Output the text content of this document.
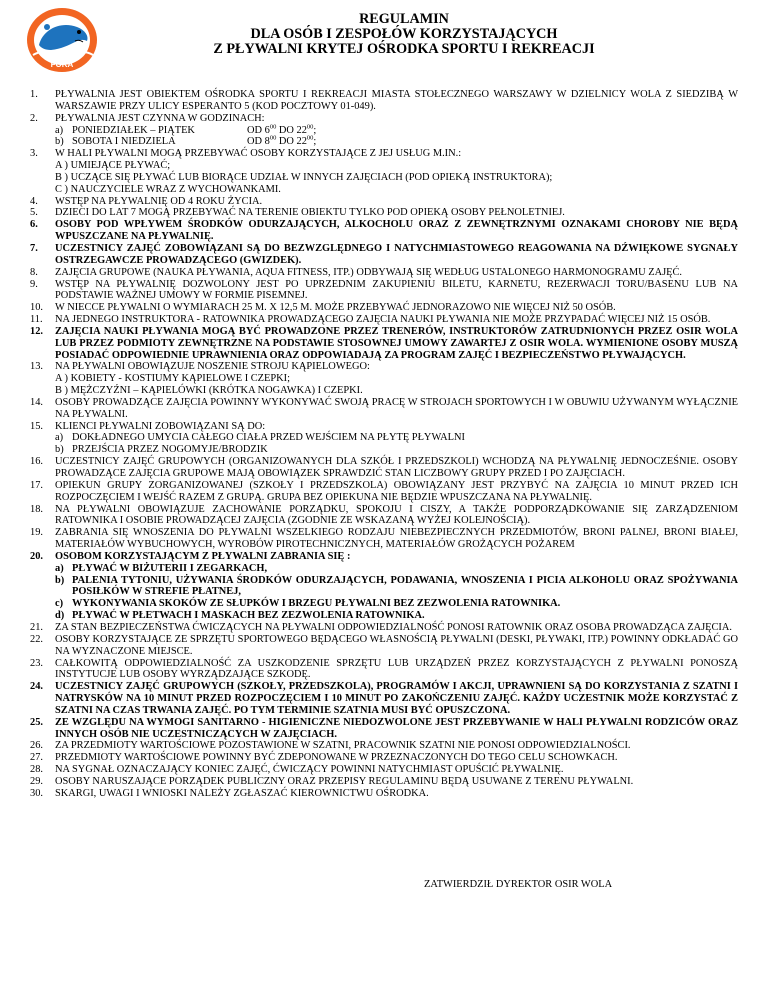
FOKA
REGULAMIN
DLA OSÓB I ZESPOŁÓW KORZYSTAJĄCYCH
Z PŁYWALNI KRYTEJ OŚRODKA SPORTU I REKREACJI
1.	PŁYWALNIA JEST OBIEKTEM OŚRODKA SPORTU I REKREACJI MIASTA STOŁECZNEGO WARSZAWY W DZIELNICY WOLA Z SIEDZIBĄ W WARSZAWIE PRZY ULICY ESPERANTO 5 (KOD POCZTOWY 01-049).
2.	PŁYWALNIA JEST CZYNNA W GODZINACH:
a) PONIEDZIAŁEK – PIĄTEK	OD $6^{00}$ DO $22^{00}$;
b) SOBOTA I NIEDZIELA	OD $8^{00}$ DO $22^{00}$;
3.	W HALI PŁYWALNI MOGĄ PRZEBYWAĆ OSOBY KORZYSTAJĄCE Z JEJ USŁUG M.IN.:
A ) UMIEJĄCE PŁYWAĆ;
B ) UCZĄCE SIĘ PŁYWAĆ LUB BIORĄCE UDZIAŁ W INNYCH ZAJĘCIACH (POD OPIEKĄ INSTRUKTORA);
C ) NAUCZYCIELE WRAZ Z WYCHOWANKAMI.
4.	WSTĘP NA PŁYWALNIĘ OD 4 ROKU ŻYCIA.
5.	DZIECI DO LAT 7 MOGĄ PRZEBYWAĆ NA TERENIE OBIEKTU TYLKO POD OPIEKĄ OSOBY PEŁNOLETNIEJ.
6.	OSOBY POD WPŁYWEM ŚRODKÓW ODURZAJĄCYCH, ALKOCHOLU ORAZ Z ZEWNĘTRZNYMI OZNAKAMI CHOROBY NIE BĘDĄ WPUSZCZANE NA PŁYWALNIĘ.
7.	UCZESTNICY ZAJĘĆ ZOBOWIĄZANI SĄ DO BEZWZGLĘDNEGO I NATYCHMIASTOWEGO REAGOWANIA NA DŹWIĘKOWE SYGNAŁY OSTRZEGAWCZE PROWADZĄCEGO (GWIZDEK).
8.	ZAJĘCIA GRUPOWE (NAUKA PŁYWANIA, AQUA FITNESS, ITP.) ODBYWAJĄ SIĘ WEDŁUG USTALONEGO HARMONOGRAMU ZAJĘĆ.
9.	WSTĘP NA PŁYWALNIĘ DOZWOLONY JEST PO UPRZEDNIM ZAKUPIENIU BILETU, KARNETU, REZERWACJI TORU/BASENU LUB NA PODSTAWIE WAŻNEJ UMOWY W FORMIE PISEMNEJ.
10.	W NIECCE PŁYWALNI O WYMIARACH 25 M. X 12,5 M. MOŻE PRZEBYWAĆ JEDNORAZOWO NIE WIĘCEJ NIŻ 50 OSÓB.
11.	NA JEDNEGO INSTRUKTORA - RATOWNIKA PROWADZĄCEGO ZAJĘCIA NAUKI PŁYWANIA NIE MOŻE PRZYPADAĆ WIĘCEJ NIŻ 15 OSÓB.
12.	ZAJĘCIA NAUKI PŁYWANIA MOGĄ BYĆ PROWADZONE PRZEZ TRENERÓW, INSTRUKTORÓW ZATRUDNIONYCH PRZEZ OSIR WOLA LUB PRZEZ PODMIOTY ZEWNĘTRZNE NA PODSTAWIE STOSOWNEJ UMOWY ZAWARTEJ Z OSIR WOLA. WYMIENIONE OSOBY MUSZĄ POSIADAĆ ODPOWIEDNIE UPRAWNIENIA ORAZ ODPOWIADAJĄ ZA PROGRAM ZAJĘĆ I BEZPIECZEŃSTWO PŁYWAJĄCYCH.
13.	NA PŁYWALNI OBOWIĄZUJE NOSZENIE STROJU KĄPIELOWEGO:
A ) KOBIETY - KOSTIUMY KĄPIELOWE I CZEPKI;
B ) MĘŻCZYŹNI – KĄPIELÓWKI (KRÓTKA NOGAWKA) I CZEPKI.
14.	OSOBY PROWADZĄCE ZAJĘCIA POWINNY WYKONYWAĆ SWOJĄ PRACĘ W STROJACH SPORTOWYCH I W OBUWIU UŻYWANYM WYŁĄCZNIE NA PŁYWALNI.
15.	KLIENCI PŁYWALNI ZOBOWIĄZANI SĄ DO:
a) DOKŁADNEGO UMYCIA CAŁEGO CIAŁA PRZED WEJŚCIEM NA PŁYTĘ PŁYWALNI
b) PRZEJŚCIA PRZEZ NOGOMYJE/BRODZIK
16.	UCZESTNICY ZAJĘĆ GRUPOWYCH (ORGANIZOWANYCH DLA SZKÓŁ I PRZEDSZKOLI) WCHODZĄ NA PŁYWALNIĘ JEDNOCZEŚNIE. OSOBY PROWADZĄCE ZAJĘCIA GRUPOWE MAJĄ OBOWIĄZEK SPRAWDZIĆ STAN LICZBOWY GRUPY PRZED I PO ZAJĘCIACH.
17.	OPIEKUN GRUPY ZORGANIZOWANEJ (SZKOŁY I PRZEDSZKOLA) OBOWIĄZANY JEST PRZYBYĆ NA ZAJĘCIA 10 MINUT PRZED ICH ROZPOCZĘCIEM I WEJŚĆ RAZEM Z GRUPĄ. GRUPA BEZ OPIEKUNA NIE BĘDZIE WPUSZCZANA NA PŁYWALNIĘ.
18.	NA PŁYWALNI OBOWIĄZUJE ZACHOWANIE PORZĄDKU, SPOKOJU I CISZY, A TAKŻE PODPORZĄDKOWANIE SIĘ ZARZĄDZENIOM RATOWNIKA I OSOBIE PROWADZĄCEJ ZAJĘCIA (ZGODNIE ZE WSKAZANĄ WYŻEJ KOLEJNOŚCIĄ).
19.	ZABRANIA SIĘ WNOSZENIA DO PŁYWALNI WSZELKIEGO RODZAJU NIEBEZPIECZNYCH PRZEDMIOTÓW, BRONI PALNEJ, BRONI BIAŁEJ, MATERIAŁÓW WYBUCHOWYCH, WYROBÓW PIROTECHNICZNYCH, MATERIAŁÓW GROŻĄCYCH POŻAREM
20.	OSOBOM KORZYSTAJĄCYM Z PŁYWALNI ZABRANIA SIĘ :
a) PŁYWAĆ W BIŻUTERII I ZEGARKACH,
b) PALENIA TYTONIU, UŻYWANIA ŚRODKÓW ODURZAJĄCYCH, PODAWANIA, WNOSZENIA I PICIA ALKOHOLU ORAZ SPOŻYWANIA POSIŁKÓW W STREFIE PŁATNEJ,
c) WYKONYWANIA SKOKÓW ZE SŁUPKÓW I BRZEGU PŁYWALNI BEZ ZEZWOLENIA RATOWNIKA.
d) PŁYWAĆ W PŁETWACH I MASKACH BEZ ZEZWOLENIA RATOWNIKA.
21.	ZA STAN BEZPIECZEŃSTWA ĆWICZĄCYCH NA PŁYWALNI ODPOWIEDZIALNOŚĆ PONOSI RATOWNIK ORAZ OSOBA PROWADZĄCA ZAJĘCIA.
22.	OSOBY KORZYSTAJĄCE ZE SPRZĘTU SPORTOWEGO BĘDĄCEGO WŁASNOŚCIĄ PŁYWALNI (DESKI, PŁYWAKI, ITP.) POWINNY ODKŁADAĆ GO NA WYZNACZONE MIEJSCE.
23.	CAŁKOWITĄ ODPOWIEDZIALNOŚĆ ZA USZKODZENIE SPRZĘTU LUB URZĄDZEŃ PRZEZ KORZYSTAJĄCYCH Z PŁYWALNI PONOSZĄ INSTYTUCJE LUB OSOBY WYRZĄDZAJĄCE SZKODĘ.
24.	UCZESTNICY ZAJĘĆ GRUPOWYCH (SZKOŁY, PRZEDSZKOLA), PROGRAMÓW I AKCJI, UPRAWNIENI SĄ DO KORZYSTANIA Z SZATNI I NATRYSKÓW NA 10 MINUT PRZED ROZPOCZĘCIEM I 10 MINUT PO ZAKOŃCZENIU ZAJĘĆ. KAŻDY UCZESTNIK MOŻE KORZYSTAĆ Z SZATNI NA CZAS TRWANIA ZAJĘĆ. PO TYM TERMINIE SZATNIA MUSI BYĆ OPUSZCZONA.
25.	ZE WZGLĘDU NA WYMOGI SANITARNO - HIGIENICZNE NIEDOZWOLONE JEST PRZEBYWANIE W HALI PŁYWALNI RODZICÓW ORAZ INNYCH OSÓB NIE UCZESTNICZĄCYCH W ZAJĘCIACH.
26.	ZA PRZEDMIOTY WARTOŚCIOWE POZOSTAWIONE W SZATNI, PRACOWNIK SZATNI NIE PONOSI ODPOWIEDZIALNOŚCI.
27.	PRZEDMIOTY WARTOŚCIOWE POWINNY BYĆ ZDEPONOWANE W PRZEZNACZONYCH DO TEGO CELU SCHOWKACH.
28.	NA SYGNAŁ OZNACZAJĄCY KONIEC ZAJĘĆ, ĆWICZĄCY POWINNI NATYCHMIAST OPUŚCIĆ PŁYWALNIĘ.
29.	OSOBY NARUSZAJĄCE PORZĄDEK PUBLICZNY ORAZ PRZEPISY REGULAMINU BĘDĄ USUWANE Z TERENU PŁYWALNI.
30.	SKARGI, UWAGI I WNIOSKI NALEŻY ZGŁASZAĆ KIEROWNICTWU OŚRODKA.
ZATWIERDZIŁ DYREKTOR OSIR WOLA
